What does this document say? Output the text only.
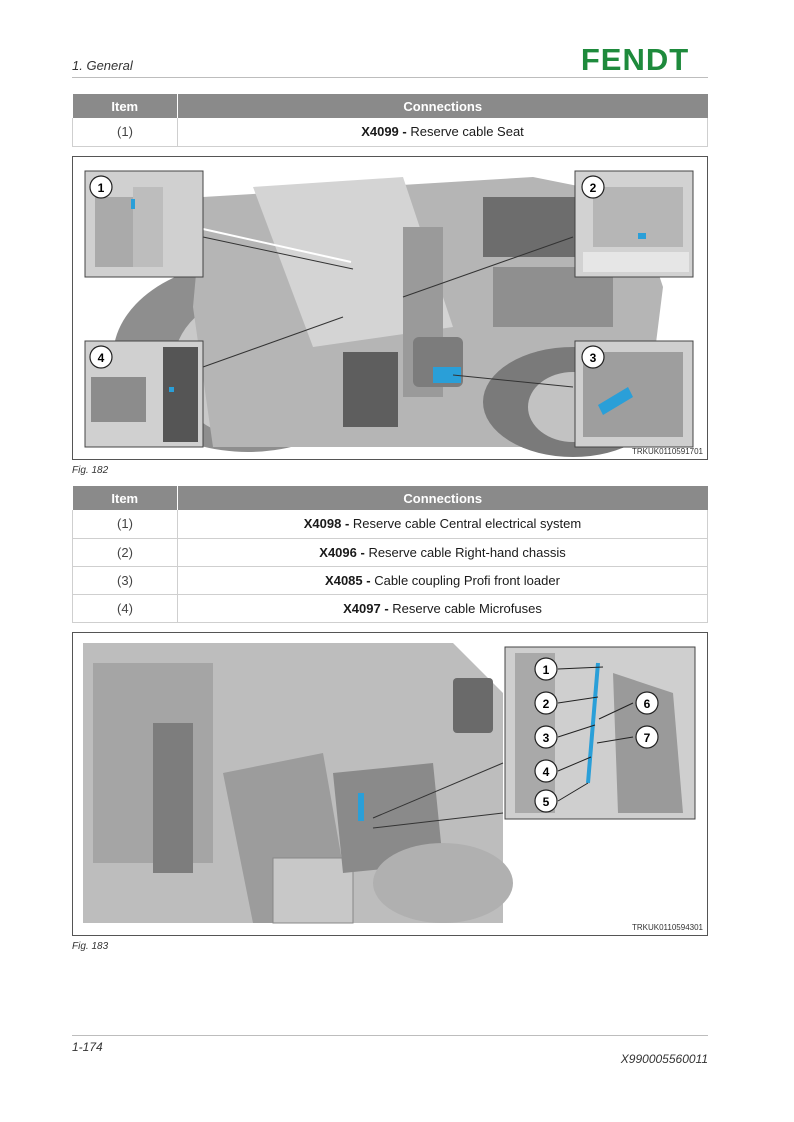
1. General	FENDT
Item	Connections
(1)	X4099 - Reserve cable Seat
1	2
3
4
TRKUK0110591701
Fig. 182
Item	Connections
(1)	X4098 - Reserve cable Central electrical system
(2)	X4096 - Reserve cable Right-hand chassis
(3)	X4085 - Cable coupling Profi front loader
(4)	X4097 - Reserve cable Microfuses
1
2
3
4
5
6
7
TRKUK0110594301
Fig. 183
1-174
X990005560011
